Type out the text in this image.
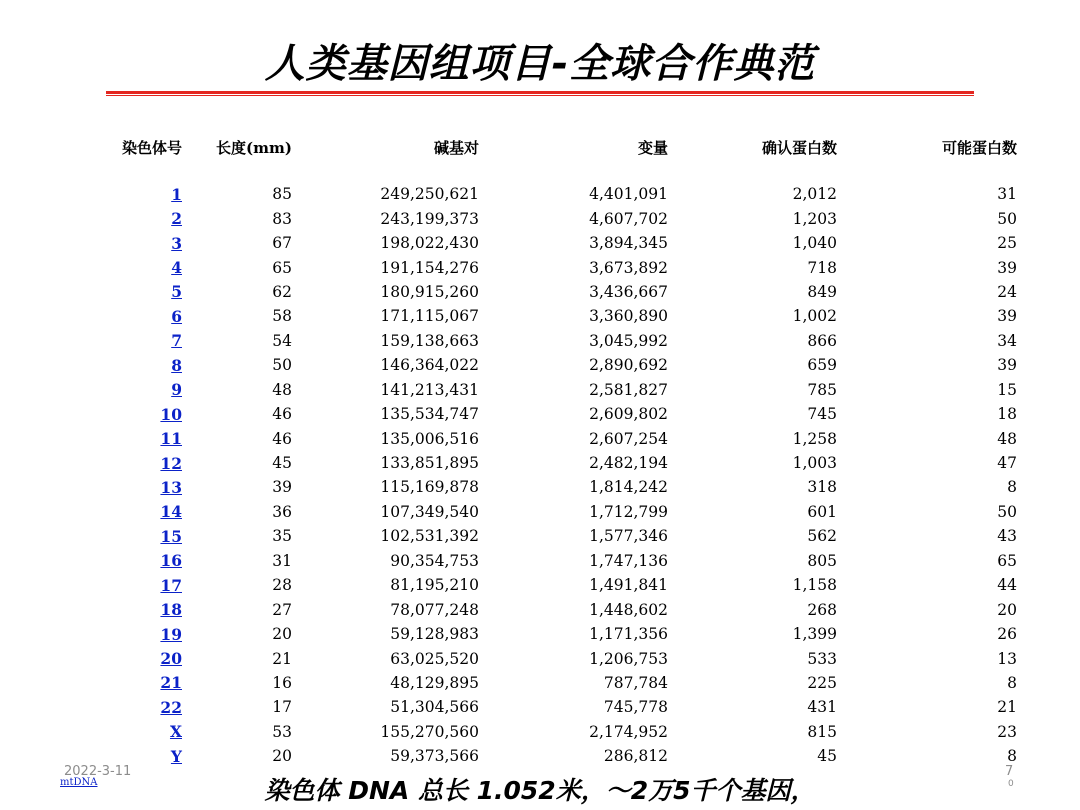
人类基因组项目-全球合作典范
染色体号	长度(mm)	碱基对	变量	确认蛋白数	可能蛋白数

1	85	249,250,621	4,401,091	2,012	31
2	83	243,199,373	4,607,702	1,203	50
3	67	198,022,430	3,894,345	1,040	25
4	65	191,154,276	3,673,892	718	39
5	62	180,915,260	3,436,667	849	24
6	58	171,115,067	3,360,890	1,002	39
7	54	159,138,663	3,045,992	866	34
8	50	146,364,022	2,890,692	659	39
9	48	141,213,431	2,581,827	785	15
10	46	135,534,747	2,609,802	745	18
11	46	135,006,516	2,607,254	1,258	48
12	45	133,851,895	2,482,194	1,003	47
13	39	115,169,878	1,814,242	318	8
14	36	107,349,540	1,712,799	601	50
15	35	102,531,392	1,577,346	562	43
16	31	90,354,753	1,747,136	805	65
17	28	81,195,210	1,491,841	1,158	44
18	27	78,077,248	1,448,602	268	20
19	20	59,128,983	1,171,356	1,399	26
20	21	63,025,520	1,206,753	533	13
21	16	48,129,895	787,784	225	8
22	17	51,304,566	745,778	431	21
X	53	155,270,560	2,174,952	815	23
Y	20	59,373,566	286,812	45	8
2022-3-11
mtDNA
7
0
染色体 DNA 总长 1.052米，～2万5千个基因，
